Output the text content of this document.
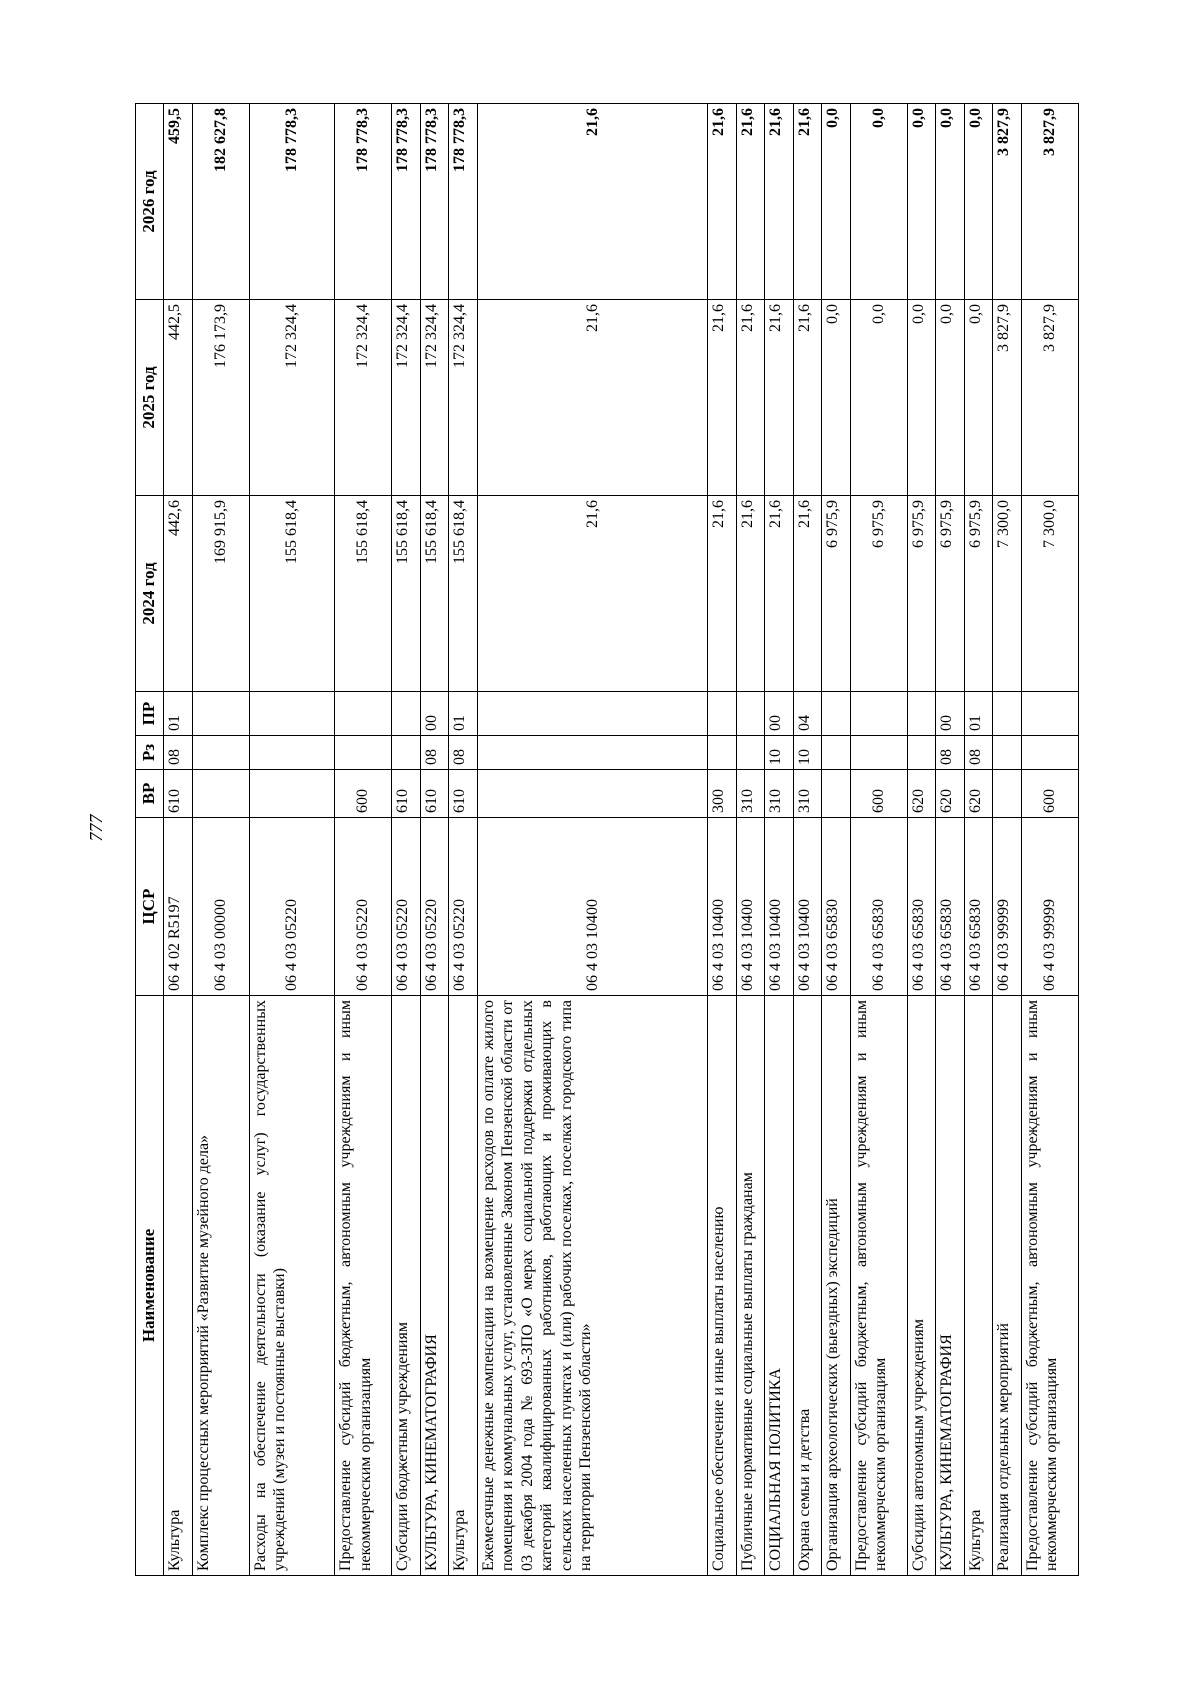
777
Наименование	ЦСР	ВР	Рз	ПР	2024 год	2025 год	2026 год
Культура	06 4 02 R5197	610	08	01	442,6	442,5	459,5
Комплекс процессных мероприятий «Развитие музейного дела»	06 4 03 00000				169 915,9	176 173,9	182 627,8
Расходы на обеспечение деятельности (оказание услуг) государственных учреждений (музеи и постоянные выставки)	06 4 03 05220				155 618,4	172 324,4	178 778,3
Предоставление субсидий бюджетным, автономным учреждениям и иным некоммерческим организациям	06 4 03 05220	600			155 618,4	172 324,4	178 778,3
Субсидии бюджетным учреждениям	06 4 03 05220	610			155 618,4	172 324,4	178 778,3
КУЛЬТУРА, КИНЕМАТОГРАФИЯ	06 4 03 05220	610	08	00	155 618,4	172 324,4	178 778,3
Культура	06 4 03 05220	610	08	01	155 618,4	172 324,4	178 778,3
Ежемесячные денежные компенсации на возмещение расходов по оплате жилого помещения и коммунальных услуг, установленные Законом Пензенской области от 03 декабря 2004 года № 693-ЗПО «О мерах социальной поддержки отдельных категорий квалифицированных работников, работающих и проживающих в сельских населенных пунктах и (или) рабочих поселках, поселках городского типа на территории Пензенской области»	06 4 03 10400				21,6	21,6	21,6
Социальное обеспечение и иные выплаты населению	06 4 03 10400	300			21,6	21,6	21,6
Публичные нормативные социальные выплаты гражданам	06 4 03 10400	310			21,6	21,6	21,6
СОЦИАЛЬНАЯ ПОЛИТИКА	06 4 03 10400	310	10	00	21,6	21,6	21,6
Охрана семьи и детства	06 4 03 10400	310	10	04	21,6	21,6	21,6
Организация археологических (выездных) экспедиций	06 4 03 65830				6 975,9	0,0	0,0
Предоставление субсидий бюджетным, автономным учреждениям и иным некоммерческим организациям	06 4 03 65830	600			6 975,9	0,0	0,0
Субсидии автономным учреждениям	06 4 03 65830	620			6 975,9	0,0	0,0
КУЛЬТУРА, КИНЕМАТОГРАФИЯ	06 4 03 65830	620	08	00	6 975,9	0,0	0,0
Культура	06 4 03 65830	620	08	01	6 975,9	0,0	0,0
Реализация отдельных мероприятий	06 4 03 99999				7 300,0	3 827,9	3 827,9
Предоставление субсидий бюджетным, автономным учреждениям и иным некоммерческим организациям	06 4 03 99999	600			7 300,0	3 827,9	3 827,9
